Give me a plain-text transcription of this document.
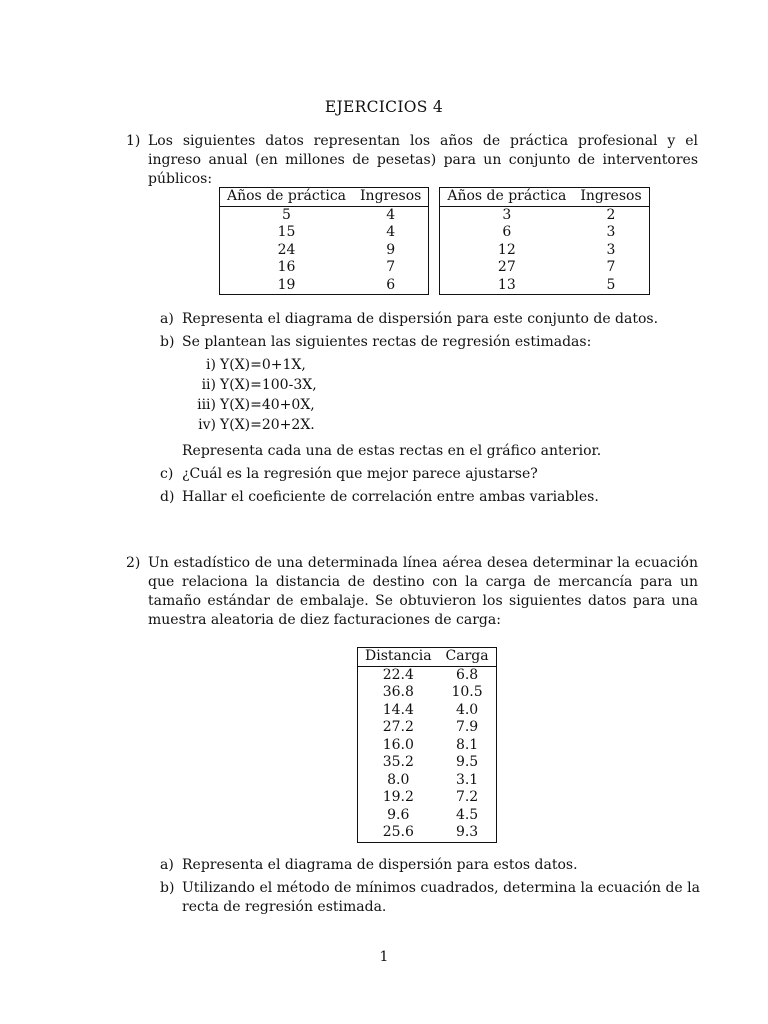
EJERCICIOS 4
1) Los siguientes datos representan los años de práctica profesional y el ingreso anual (en millones de pesetas) para un conjunto de interventores públicos:
Años de práctica	Ingresos
5	4
15	4
24	9
16	7
19	6
Años de práctica	Ingresos
3	2
6	3
12	3
27	7
13	5
a) Representa el diagrama de dispersión para este conjunto de datos.
b) Se plantean las siguientes rectas de regresión estimadas:
i) Y(X)=0+1X,
ii) Y(X)=100-3X,
iii) Y(X)=40+0X,
iv) Y(X)=20+2X.
Representa cada una de estas rectas en el gráfico anterior.
c) ¿Cuál es la regresión que mejor parece ajustarse?
d) Hallar el coeficiente de correlación entre ambas variables.
2) Un estadístico de una determinada línea aérea desea determinar la ecuación que relaciona la distancia de destino con la carga de mercancía para un tamaño estándar de embalaje. Se obtuvieron los siguientes datos para una muestra aleatoria de diez facturaciones de carga:
Distancia	Carga
22.4	6.8
36.8	10.5
14.4	4.0
27.2	7.9
16.0	8.1
35.2	9.5
8.0	3.1
19.2	7.2
9.6	4.5
25.6	9.3
a) Representa el diagrama de dispersión para estos datos.
b) Utilizando el método de mínimos cuadrados, determina la ecuación de la recta de regresión estimada.
1
